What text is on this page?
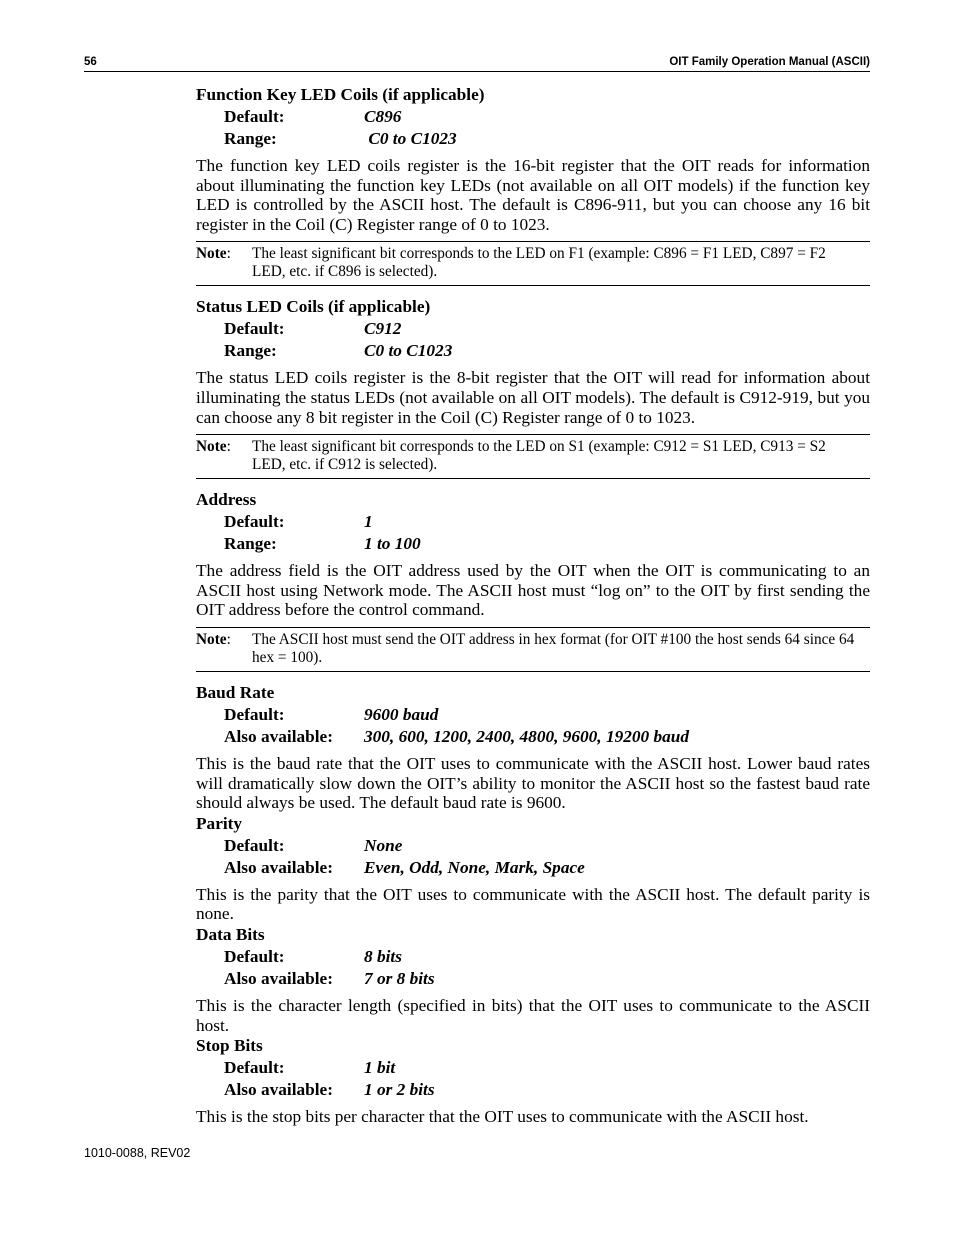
56	OIT Family Operation Manual (ASCII)
Function Key LED Coils (if applicable)
Default:	C896
Range:	C0 to C1023

The function key LED coils register is the 16-bit register that the OIT reads for information about illuminating the function key LEDs (not available on all OIT models) if the function key LED is controlled by the ASCII host. The default is C896-911, but you can choose any 16 bit register in the Coil (C) Register range of 0 to 1023.

Note:	The least significant bit corresponds to the LED on F1 (example: C896 = F1 LED, C897 = F2 LED, etc. if C896 is selected).
Status LED Coils (if applicable)
Default:	C912
Range:	C0 to C1023

The status LED coils register is the 8-bit register that the OIT will read for information about illuminating the status LEDs (not available on all OIT models). The default is C912-919, but you can choose any 8 bit register in the Coil (C) Register range of 0 to 1023.

Note:	The least significant bit corresponds to the LED on S1 (example: C912 = S1 LED, C913 = S2 LED, etc. if C912 is selected).
Address
Default:	1
Range:	1 to 100

The address field is the OIT address used by the OIT when the OIT is communicating to an ASCII host using Network mode. The ASCII host must “log on” to the OIT by first sending the OIT address before the control command.

Note:	The ASCII host must send the OIT address in hex format (for OIT #100 the host sends 64 since 64 hex = 100).
Baud Rate
Default:	9600 baud
Also available: 300, 600, 1200, 2400, 4800, 9600, 19200 baud

This is the baud rate that the OIT uses to communicate with the ASCII host. Lower baud rates will dramatically slow down the OIT’s ability to monitor the ASCII host so the fastest baud rate should always be used. The default baud rate is 9600.

Parity
Default:	None
Also available: Even, Odd, None, Mark, Space

This is the parity that the OIT uses to communicate with the ASCII host. The default parity is none.

Data Bits
Default:	8 bits
Also available: 7 or 8 bits

This is the character length (specified in bits) that the OIT uses to communicate to the ASCII host.

Stop Bits
Default:	1 bit
Also available: 1 or 2 bits

This is the stop bits per character that the OIT uses to communicate with the ASCII host.

1010-0088, REV02
